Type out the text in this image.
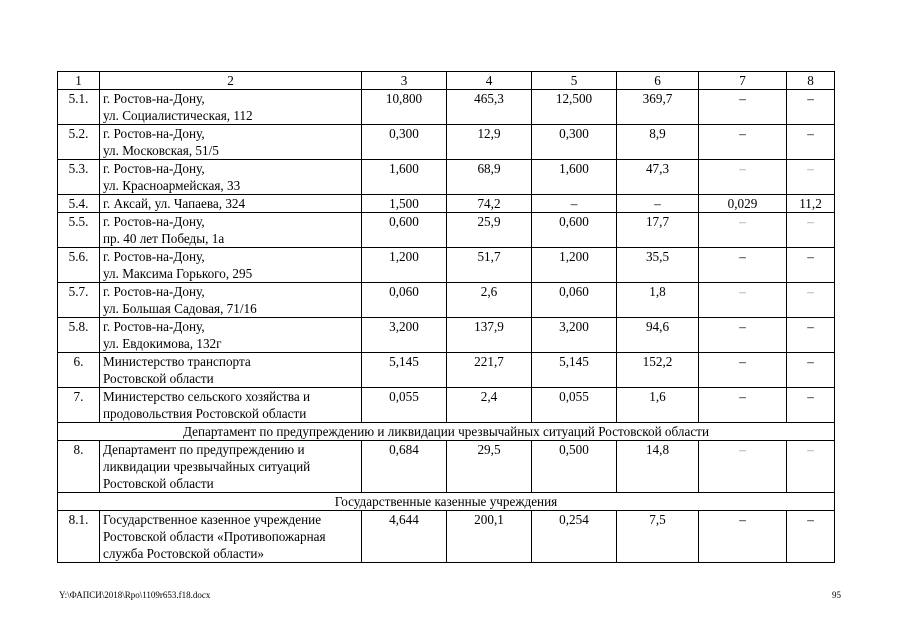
1	2	3	4	5	6	7	8
5.1.	г. Ростов-на-Дону,
ул. Социалистическая, 112	10,800	465,3	12,500	369,7	–	–
5.2.	г. Ростов-на-Дону,
ул. Московская, 51/5	0,300	12,9	0,300	8,9	–	–
5.3.	г. Ростов-на-Дону,
ул. Красноармейская, 33	1,600	68,9	1,600	47,3	–	–
5.4.	г. Аксай, ул. Чапаева, 324	1,500	74,2	–	–	0,029	11,2
5.5.	г. Ростов-на-Дону,
пр. 40 лет Победы, 1а	0,600	25,9	0,600	17,7	–	–
5.6.	г. Ростов-на-Дону,
ул. Максима Горького, 295	1,200	51,7	1,200	35,5	–	–
5.7.	г. Ростов-на-Дону,
ул. Большая Садовая, 71/16	0,060	2,6	0,060	1,8	–	–
5.8.	г. Ростов-на-Дону,
ул. Евдокимова, 132г	3,200	137,9	3,200	94,6	–	–
6.	Министерство транспорта
Ростовской области	5,145	221,7	5,145	152,2	–	–
7.	Министерство сельского хозяйства и
продовольствия Ростовской области	0,055	2,4	0,055	1,6	–	–
Департамент по предупреждению и ликвидации чрезвычайных ситуаций Ростовской области							
8.	Департамент по предупреждению и
ликвидации чрезвычайных ситуаций
Ростовской области	0,684	29,5	0,500	14,8	–	–
Государственные казенные учреждения							
8.1.	Государственное казенное учреждение
Ростовской области «Противопожарная
служба Ростовской области»	4,644	200,1	0,254	7,5	–	–
Y:\ФАПСИ\2018\Rpo\1109r653.f18.docx	95
